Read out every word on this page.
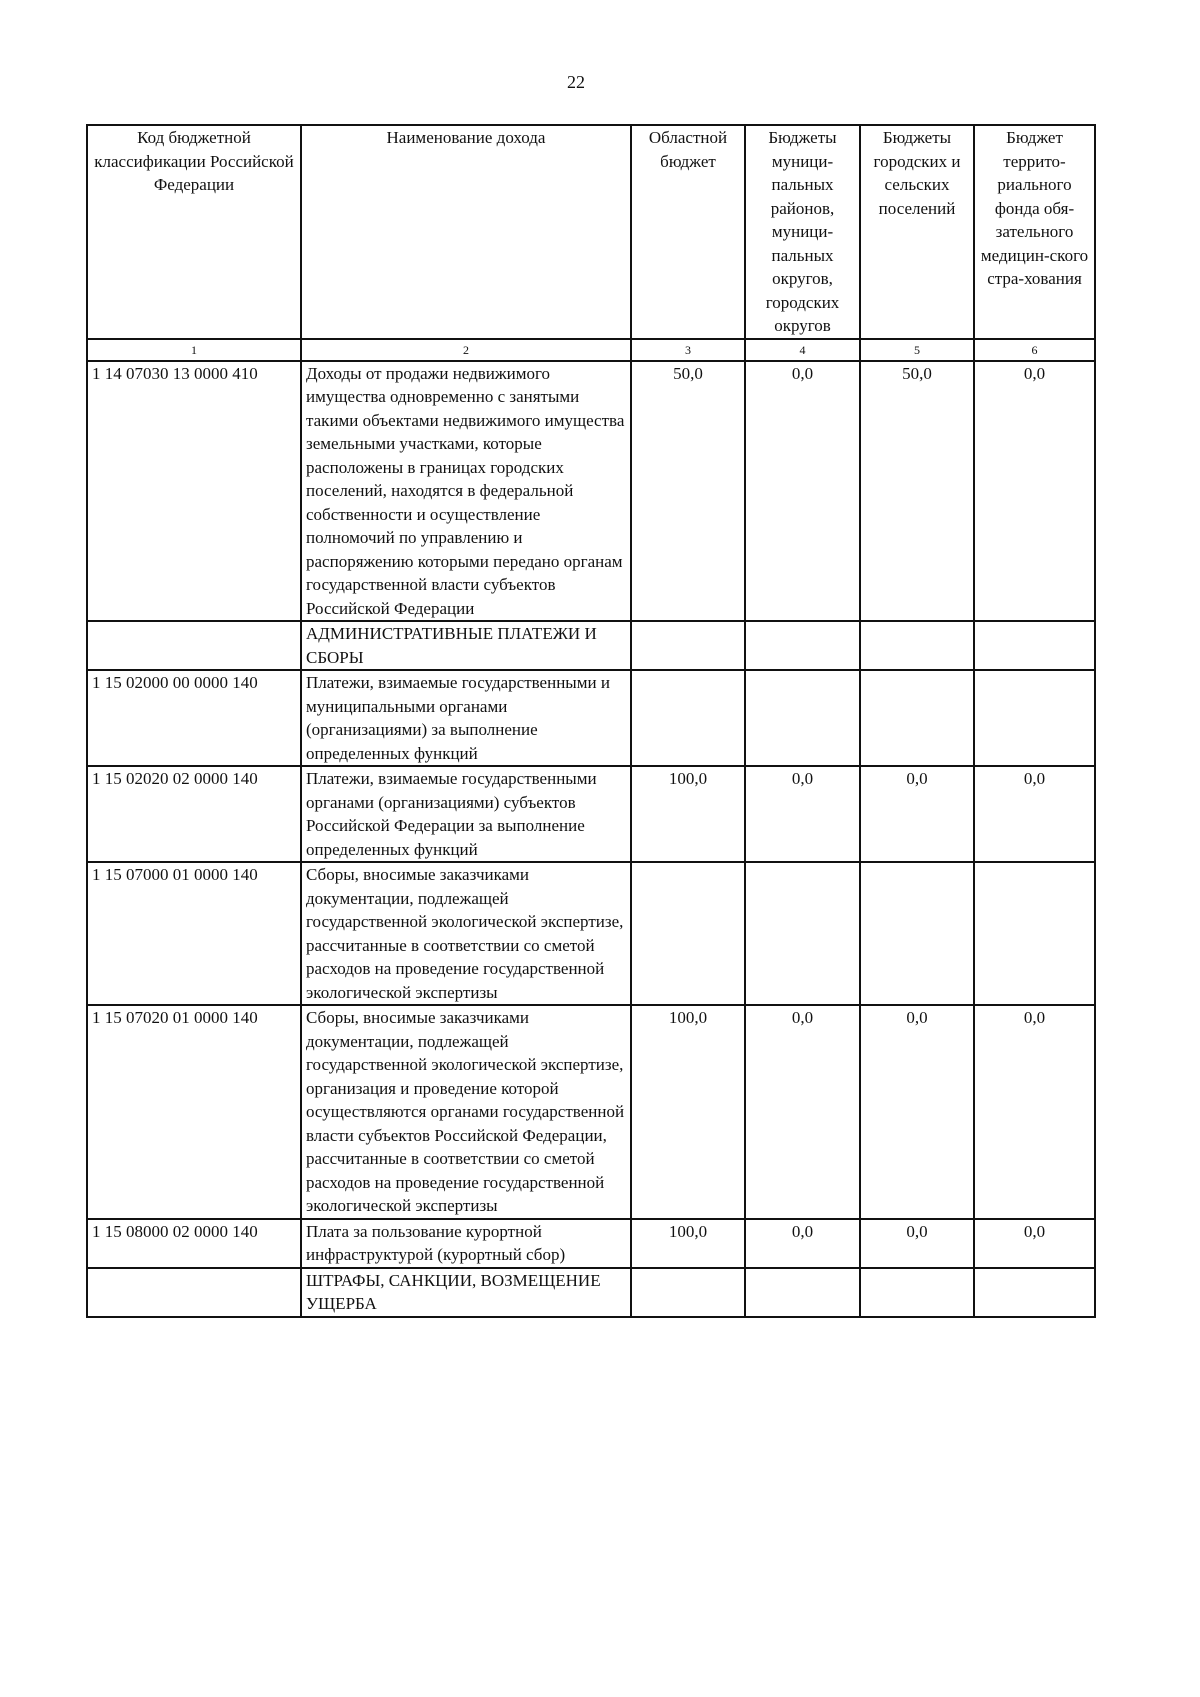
22
Код бюджетной классификации Российской Федерации	Наименование дохода	Областной бюджет	Бюджеты муници-пальных районов, муници-пальных округов, городских округов	Бюджеты городских и сельских поселений	Бюджет террито-риального фонда обя-зательного медицин-ского стра-хования
1	2	3	4	5	6
1 14 07030 13 0000 410	Доходы от продажи недвижимого имущества одновременно с занятыми такими объектами недвижимого имущества земельными участками, которые расположены в границах городских поселений, находятся в федеральной собственности и осуществление полномочий по управлению и распоряжению которыми передано органам государственной власти субъектов Российской Федерации	50,0	0,0	50,0	0,0
	АДМИНИСТРАТИВНЫЕ ПЛАТЕЖИ И СБОРЫ				
1 15 02000 00 0000 140	Платежи, взимаемые государственными и муниципальными органами (организациями) за выполнение определенных функций				
1 15 02020 02 0000 140	Платежи, взимаемые государственными органами (организациями) субъектов Российской Федерации за выполнение определенных функций	100,0	0,0	0,0	0,0
1 15 07000 01 0000 140	Сборы, вносимые заказчиками документации, подлежащей государственной экологической экспертизе, рассчитанные в соответствии со сметой расходов на проведение государственной экологической экспертизы				
1 15 07020 01 0000 140	Сборы, вносимые заказчиками документации, подлежащей государственной экологической экспертизе, организация и проведение которой осуществляются органами государственной власти субъектов Российской Федерации, рассчитанные в соответствии со сметой расходов на проведение государственной экологической экспертизы	100,0	0,0	0,0	0,0
1 15 08000 02 0000 140	Плата за пользование курортной инфраструктурой (курортный сбор)	100,0	0,0	0,0	0,0
	ШТРАФЫ, САНКЦИИ, ВОЗМЕЩЕНИЕ УЩЕРБА				
